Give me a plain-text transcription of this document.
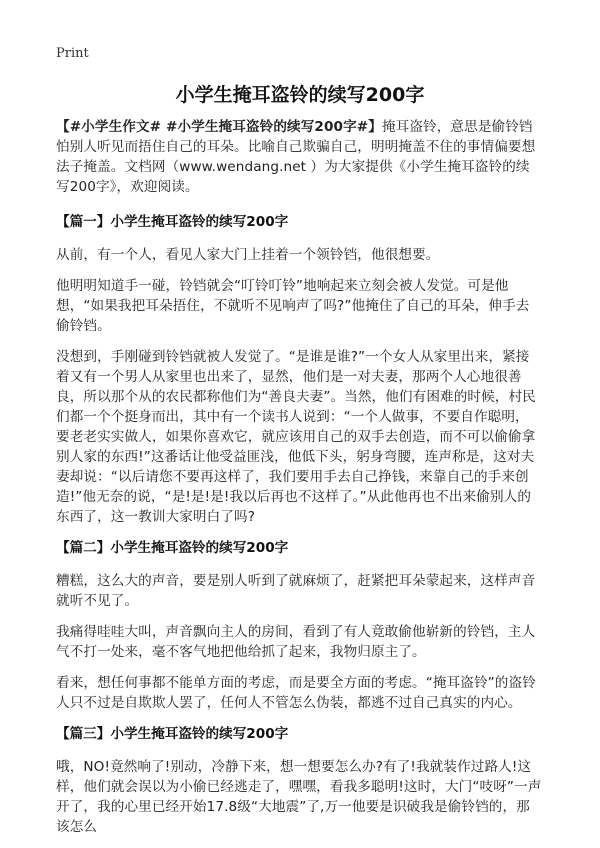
Print
小学生掩耳盗铃的续写200字

【#小学生作文# #小学生掩耳盗铃的续写200字#】掩耳盗铃，意思是偷铃铛怕别人听见而捂住自己的耳朵。比喻自己欺骗自己，明明掩盖不住的事情偏要想法子掩盖。文档网（www.wendang.net ）为大家提供《小学生掩耳盗铃的续写200字》，欢迎阅读。

【篇一】小学生掩耳盗铃的续写200字

从前，有一个人，看见人家大门上挂着一个领铃铛，他很想要。

他明明知道手一碰，铃铛就会“叮铃叮铃”地响起来立刻会被人发觉。可是他想，“如果我把耳朵捂住，不就听不见响声了吗?”他掩住了自己的耳朵，伸手去偷铃铛。

没想到，手刚碰到铃铛就被人发觉了。“是谁是谁?”一个女人从家里出来，紧接着又有一个男人从家里也出来了，显然，他们是一对夫妻，那两个人心地很善良，所以那个从的农民都称他们为“善良夫妻”。当然，他们有困难的时候，村民们都一个个挺身而出，其中有一个读书人说到：“一个人做事，不要自作聪明，要老老实实做人，如果你喜欢它，就应该用自己的双手去创造，而不可以偷偷拿别人家的东西!”这番话让他受益匪浅，他低下头，躬身弯腰，连声称是，这对夫妻却说：“以后请您不要再这样了，我们要用手去自己挣钱，来靠自己的手来创造!”他无奈的说，“是!是!是!我以后再也不这样了。”从此他再也不出来偷别人的东西了，这一教训大家明白了吗?

【篇二】小学生掩耳盗铃的续写200字

糟糕，这么大的声音，要是别人听到了就麻烦了，赶紧把耳朵蒙起来，这样声音就听不见了。

我痛得哇哇大叫，声音飘向主人的房间，看到了有人竟敢偷他崭新的铃铛，主人气不打一处来，毫不客气地把他给抓了起来，我物归原主了。

看来，想任何事都不能单方面的考虑，而是要全方面的考虑。“掩耳盗铃”的盗铃人只不过是自欺欺人罢了，任何人不管怎么伪装，都逃不过自己真实的内心。

【篇三】小学生掩耳盗铃的续写200字

哦，NO!竟然响了!别动，冷静下来，想一想要怎么办?有了!我就装作过路人!这样，他们就会误以为小偷已经逃走了，嘿嘿，看我多聪明!这时，大门“吱呀”一声开了，我的心里已经开始17.8级“大地震”了,万一他要是识破我是偷铃铛的，那该怎么
